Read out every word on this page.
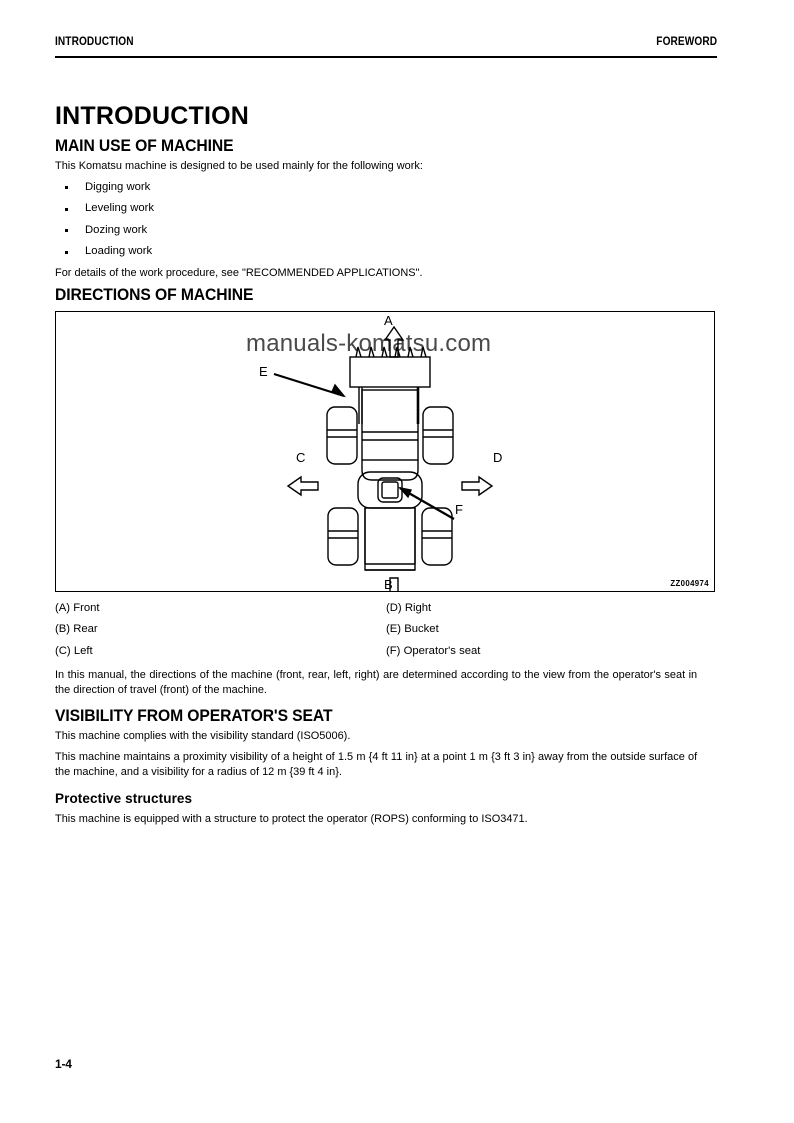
INTRODUCTION	FOREWORD
INTRODUCTION
MAIN USE OF MACHINE

This Komatsu machine is designed to be used mainly for the following work:

Digging work
Leveling work
Dozing work
Loading work

For details of the work procedure, see "RECOMMENDED APPLICATIONS".

DIRECTIONS OF MACHINE
manuals-komatsu.com
A
B
C	D
E
F
ZZ004974
(A) Front	(D) Right
(B) Rear	(E) Bucket
(C) Left	(F) Operator's seat

In this manual, the directions of the machine (front, rear, left, right) are determined according to the view from the operator's seat in the direction of travel (front) of the machine.

VISIBILITY FROM OPERATOR'S SEAT

This machine complies with the visibility standard (ISO5006).

This machine maintains a proximity visibility of a height of 1.5 m {4 ft 11 in} at a point 1 m {3 ft 3 in} away from the outside surface of the machine, and a visibility for a radius of 12 m {39 ft 4 in}.

Protective structures

This machine is equipped with a structure to protect the operator (ROPS) conforming to ISO3471.

1-4
